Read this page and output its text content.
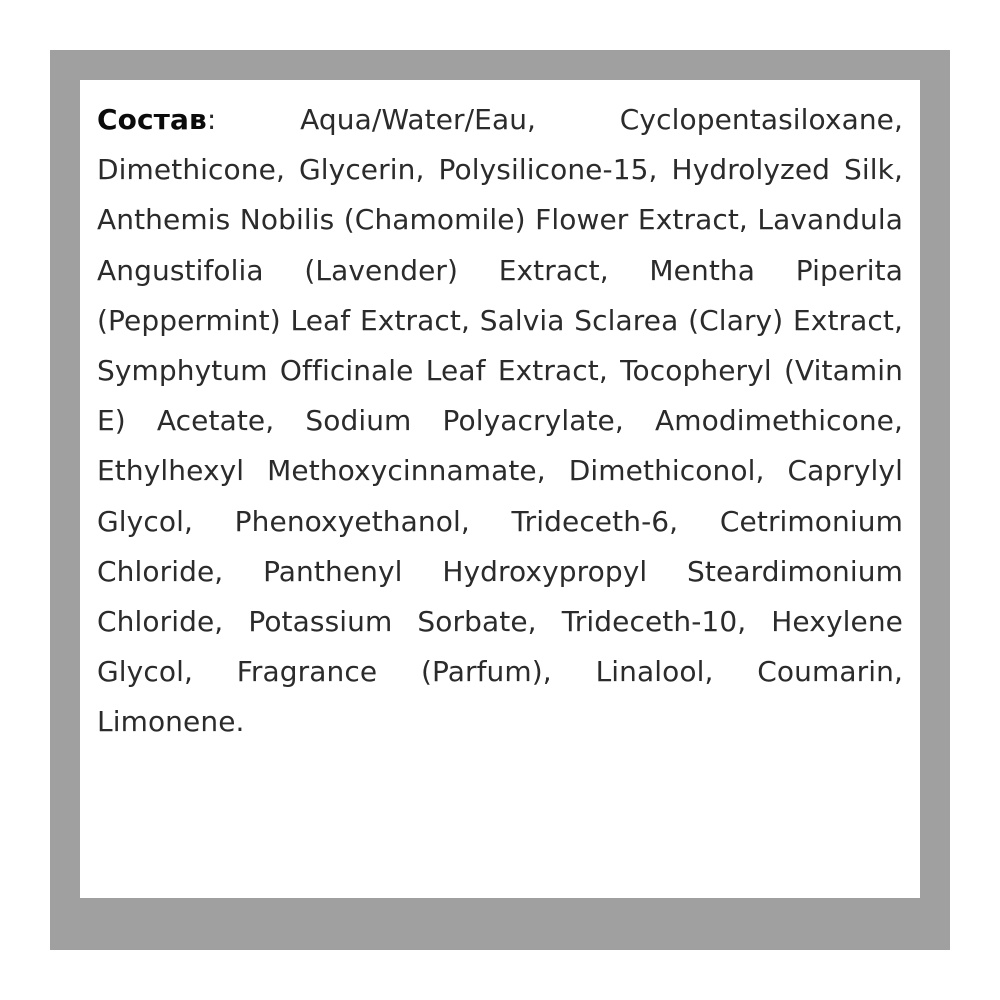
Состав: Aqua/Water/Eau, Cyclopentasiloxane, Dimethicone, Glycerin, Polysilicone-15, Hydrolyzed Silk, Anthemis Nobilis (Chamomile) Flower Extract, Lavandula Angustifolia (Lavender) Extract, Mentha Piperita (Peppermint) Leaf Extract, Salvia Sclarea (Clary) Extract, Symphytum Officinale Leaf Extract, Tocopheryl (Vitamin E) Acetate, Sodium Polyacrylate, Amodimethicone, Ethylhexyl Methoxycinnamate, Dimethiconol, Caprylyl Glycol, Phenoxyethanol, Trideceth-6, Cetrimonium Chloride, Panthenyl Hydroxypropyl Steardimonium Chloride, Potassium Sorbate, Trideceth-10, Hexylene Glycol, Fragrance (Parfum), Linalool, Coumarin, Limonene.
